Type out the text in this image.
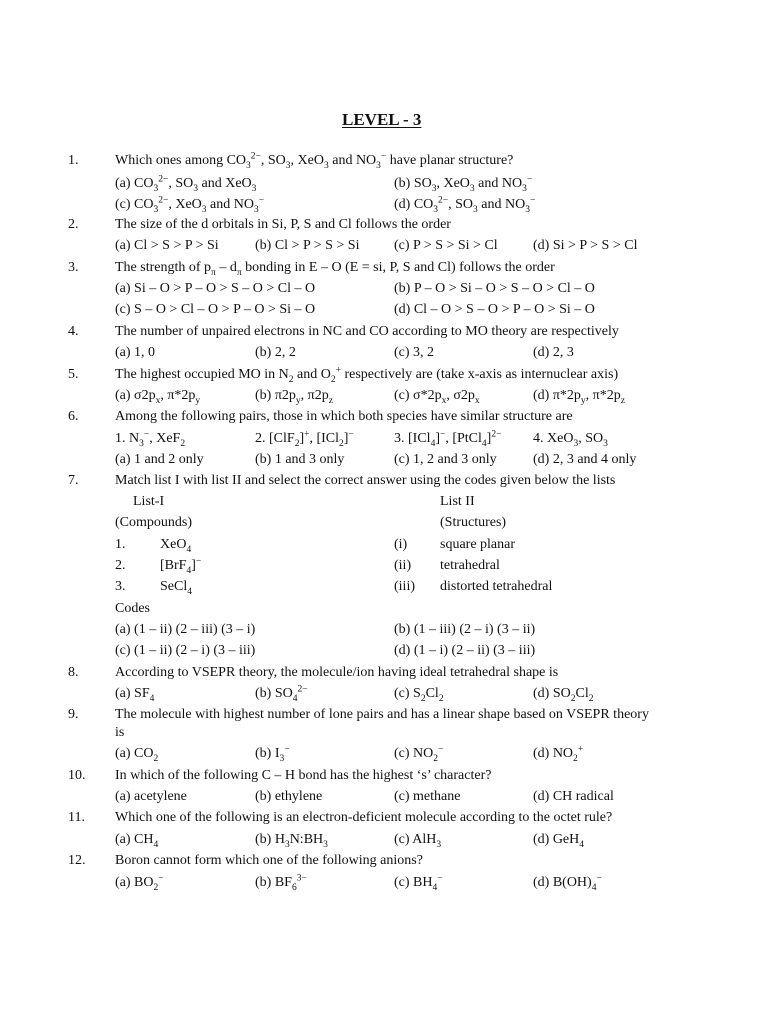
LEVEL - 3
1.	Which ones among $CO_3^{2-}$, $SO_3$, XeO$_3$ and $NO_3^-$ have planar structure?
(a) $CO_3^{2-}$, $SO_3$ and XeO$_3$	(b) $SO_3$, XeO$_3$ and $NO_3^-$
(c) $CO_3^{2-}$, XeO$_3$ and $NO_3^-$	(d) $CO_3^{2-}$, $SO_3$ and $NO_3^-$
2.	The size of the d orbitals in Si, P, S and Cl follows the order
(a) Cl > S > P > Si	(b) Cl > P > S > Si (c) P > S > Si > Cl	(d) Si > P > S > Cl
3.	The strength of $p_\pi - d_\pi$ bonding in E – O (E = si, P, S and Cl) follows the order
(a) Si – O > P – O > S – O > Cl – O	(b) P – O > Si – O > S – O > Cl – O
(c) S – O > Cl – O > P – O > Si – O	(d) Cl – O > S – O > P – O > Si – O
4.	The number of unpaired electrons in NC and CO according to MO theory are respectively
(a) 1, 0	(b) 2, 2	(c) 3, 2	(d) 2, 3
5.	The highest occupied MO in $N_2$ and $O_2^+$ respectively are (take x-axis as internuclear axis)
(a) $\sigma 2p_x$, $\pi*2p_y$	(b) $\pi 2p_y$, $\pi 2p_z$	(c) $\sigma*2p_x$, $\sigma 2p_x$	(d) $\pi*2p_y$, $\pi*2p_z$
6.	Among the following pairs, those in which both species have similar structure are
1. $N_3^-$, XeF$_2$	2. [ClF$_2$]+, [ICl$_2$]−	3. [ICl$_4$]−, [PtCl$_4$]$^{2-}$ 4. XeO$_3$, $SO_3$
(a) 1 and 2 only	(b) 1 and 3 only	(c) 1, 2 and 3 only	(d) 2, 3 and 4 only
7.	Match list I with list II and select the correct answer using the codes given below the lists
List-I	List II
(Compounds)	(Structures)
1. XeO$_4$	(i) square planar
2. [BrF$_4$]−	(ii) tetrahedral
3. SeCl$_4$	(iii) distorted tetrahedral
Codes
(a) (1 – ii) (2 – iii) (3 – i)	(b) (1 – iii) (2 – i) (3 – ii)
(c) (1 – ii) (2 – i) (3 – iii)	(d) (1 – i) (2 – ii) (3 – iii)
8.	According to VSEPR theory, the molecule/ion having ideal tetrahedral shape is
(a) $SF_4$	(b) $SO_4^{2-}$	(c) $S_2Cl_2$	(d) $SO_2Cl_2$
9.	The molecule with highest number of lone pairs and has a linear shape based on VSEPR theory
is
(a) $CO_2$	(b) $I_3^-$	(c) $NO_2^-$	(d) $NO_2^+$
10. In which of the following C – H bond has the highest ‘s’ character?
(a) acetylene	(b) ethylene	(c) methane	(d) CH radical
11. Which one of the following is an electron-deficient molecule according to the octet rule?
(a) $CH_4$	(b) $H_3N:BH_3$	(c) AlH$_3$	(d) GeH$_4$
12. Boron cannot form which one of the following anions?
(a) $BO_2^-$	(b) $BF_6^{3-}$	(c) $BH_4^-$	(d) $B(OH)_4^-$
